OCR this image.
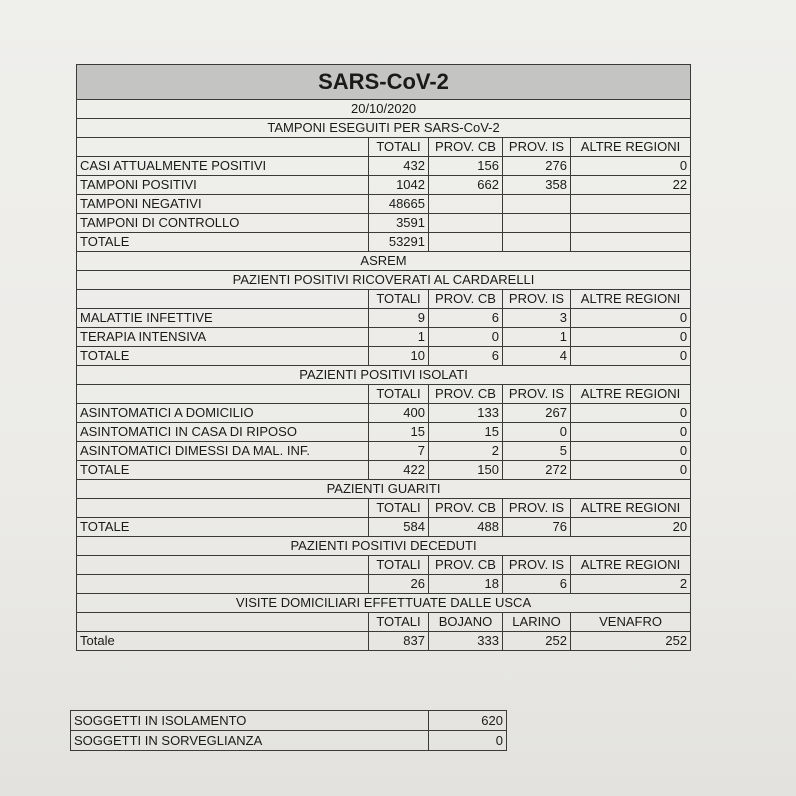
SARS-CoV-2				
20/10/2020				
TAMPONI ESEGUITI PER SARS-CoV-2				
	TOTALI	PROV. CB	PROV. IS	ALTRE REGIONI
CASI ATTUALMENTE POSITIVI	432	156	276	0
TAMPONI POSITIVI	1042	662	358	22
TAMPONI NEGATIVI	48665			
TAMPONI DI CONTROLLO	3591			
TOTALE	53291			
ASREM				
PAZIENTI POSITIVI RICOVERATI AL CARDARELLI				
	TOTALI	PROV. CB	PROV. IS	ALTRE REGIONI
MALATTIE INFETTIVE	9	6	3	0
TERAPIA INTENSIVA	1	0	1	0
TOTALE	10	6	4	0
PAZIENTI POSITIVI ISOLATI				
	TOTALI	PROV. CB	PROV. IS	ALTRE REGIONI
ASINTOMATICI A DOMICILIO	400	133	267	0
ASINTOMATICI IN CASA DI RIPOSO	15	15	0	0
ASINTOMATICI DIMESSI DA MAL. INF.	7	2	5	0
TOTALE	422	150	272	0
PAZIENTI GUARITI				
	TOTALI	PROV. CB	PROV. IS	ALTRE REGIONI
TOTALE	584	488	76	20
PAZIENTI POSITIVI DECEDUTI				
	TOTALI	PROV. CB	PROV. IS	ALTRE REGIONI
	26	18	6	2
VISITE DOMICILIARI EFFETTUATE DALLE USCA				
	TOTALI	BOJANO	LARINO	VENAFRO
Totale	837	333	252	252
SOGGETTI IN ISOLAMENTO	620
SOGGETTI IN SORVEGLIANZA	0
